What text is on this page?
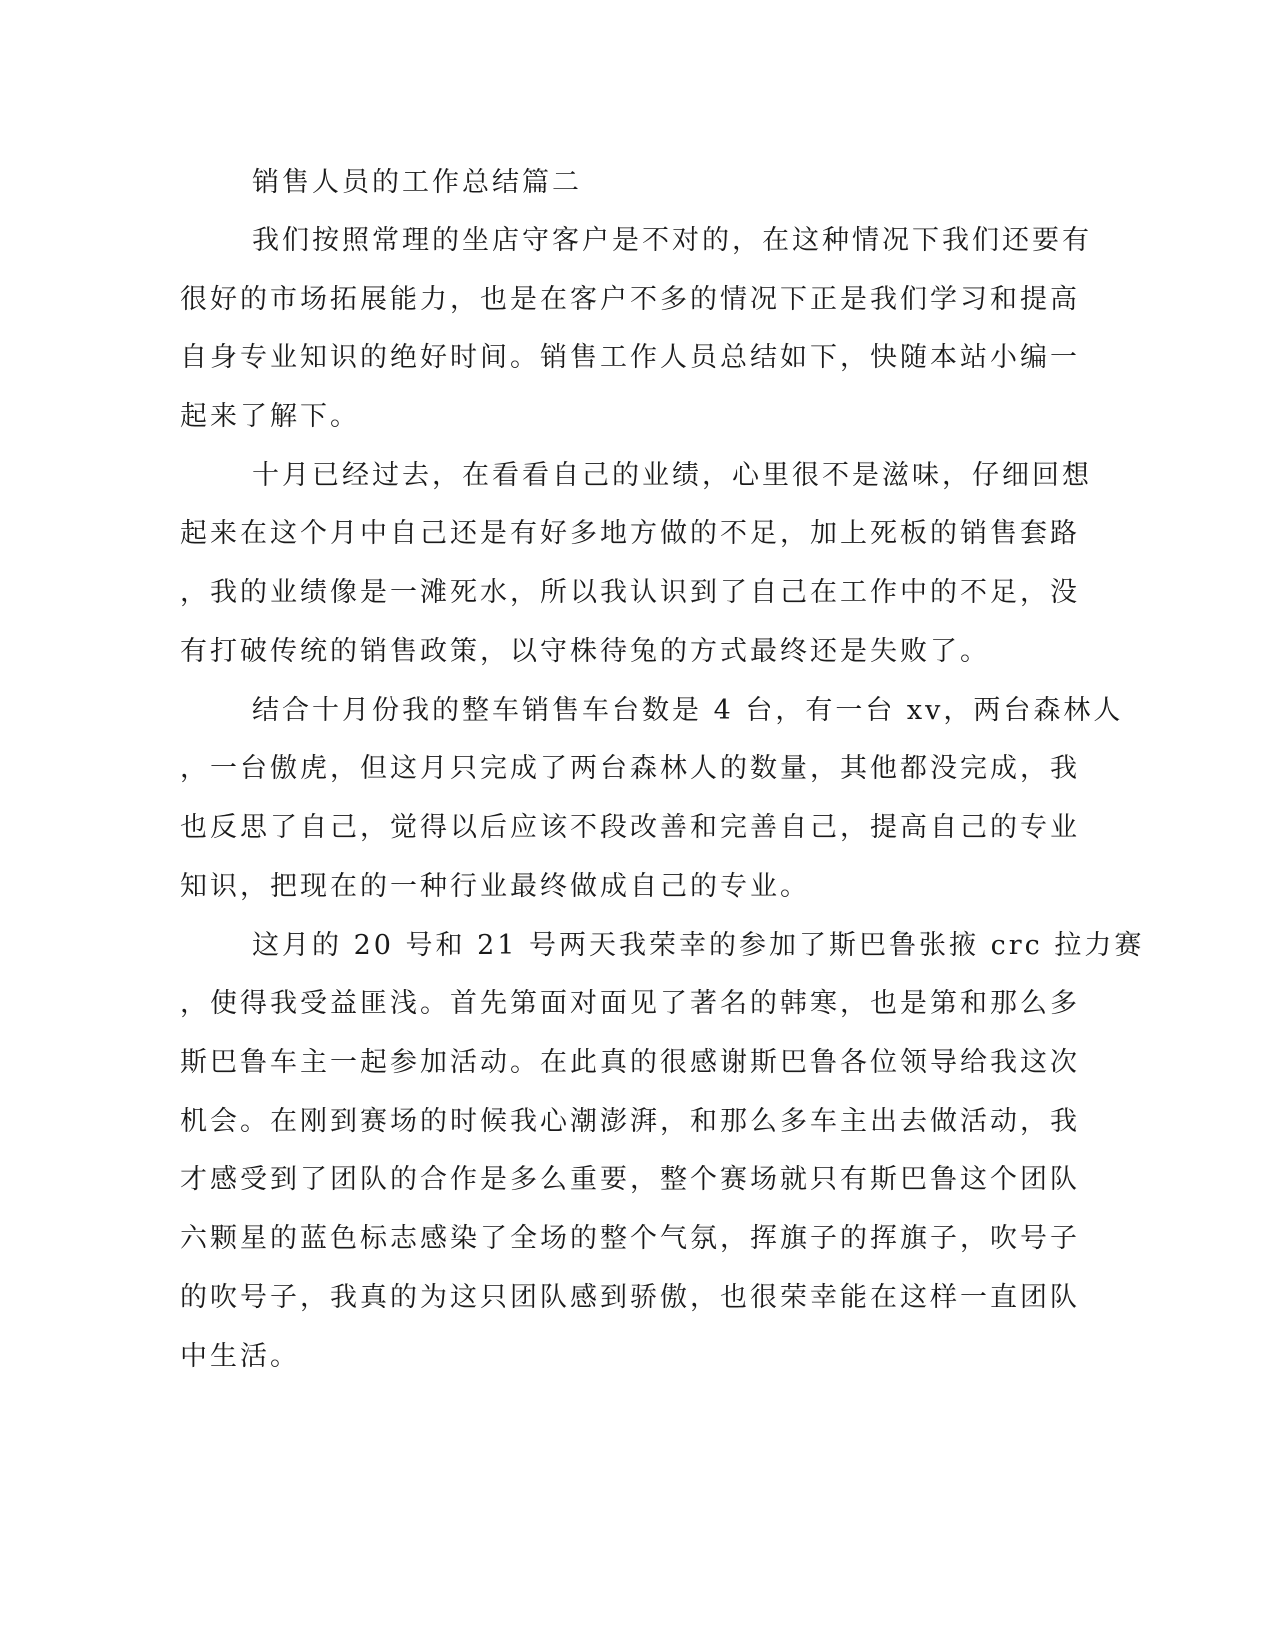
销售人员的工作总结篇二
我们按照常理的坐店守客户是不对的，在这种情况下我们还要有
很好的市场拓展能力，也是在客户不多的情况下正是我们学习和提高
自身专业知识的绝好时间。销售工作人员总结如下，快随本站小编一
起来了解下。
十月已经过去，在看看自己的业绩，心里很不是滋味，仔细回想
起来在这个月中自己还是有好多地方做的不足，加上死板的销售套路
，我的业绩像是一滩死水，所以我认识到了自己在工作中的不足，没
有打破传统的销售政策，以守株待兔的方式最终还是失败了。
结合十月份我的整车销售车台数是 4 台，有一台 xv，两台森林人
，一台傲虎，但这月只完成了两台森林人的数量，其他都没完成，我
也反思了自己，觉得以后应该不段改善和完善自己，提高自己的专业
知识，把现在的一种行业最终做成自己的专业。
这月的 20 号和 21 号两天我荣幸的参加了斯巴鲁张掖 crc 拉力赛
，使得我受益匪浅。首先第面对面见了著名的韩寒，也是第和那么多
斯巴鲁车主一起参加活动。在此真的很感谢斯巴鲁各位领导给我这次
机会。在刚到赛场的时候我心潮澎湃，和那么多车主出去做活动，我
才感受到了团队的合作是多么重要，整个赛场就只有斯巴鲁这个团队
六颗星的蓝色标志感染了全场的整个气氛，挥旗子的挥旗子，吹号子
的吹号子，我真的为这只团队感到骄傲，也很荣幸能在这样一直团队
中生活。
